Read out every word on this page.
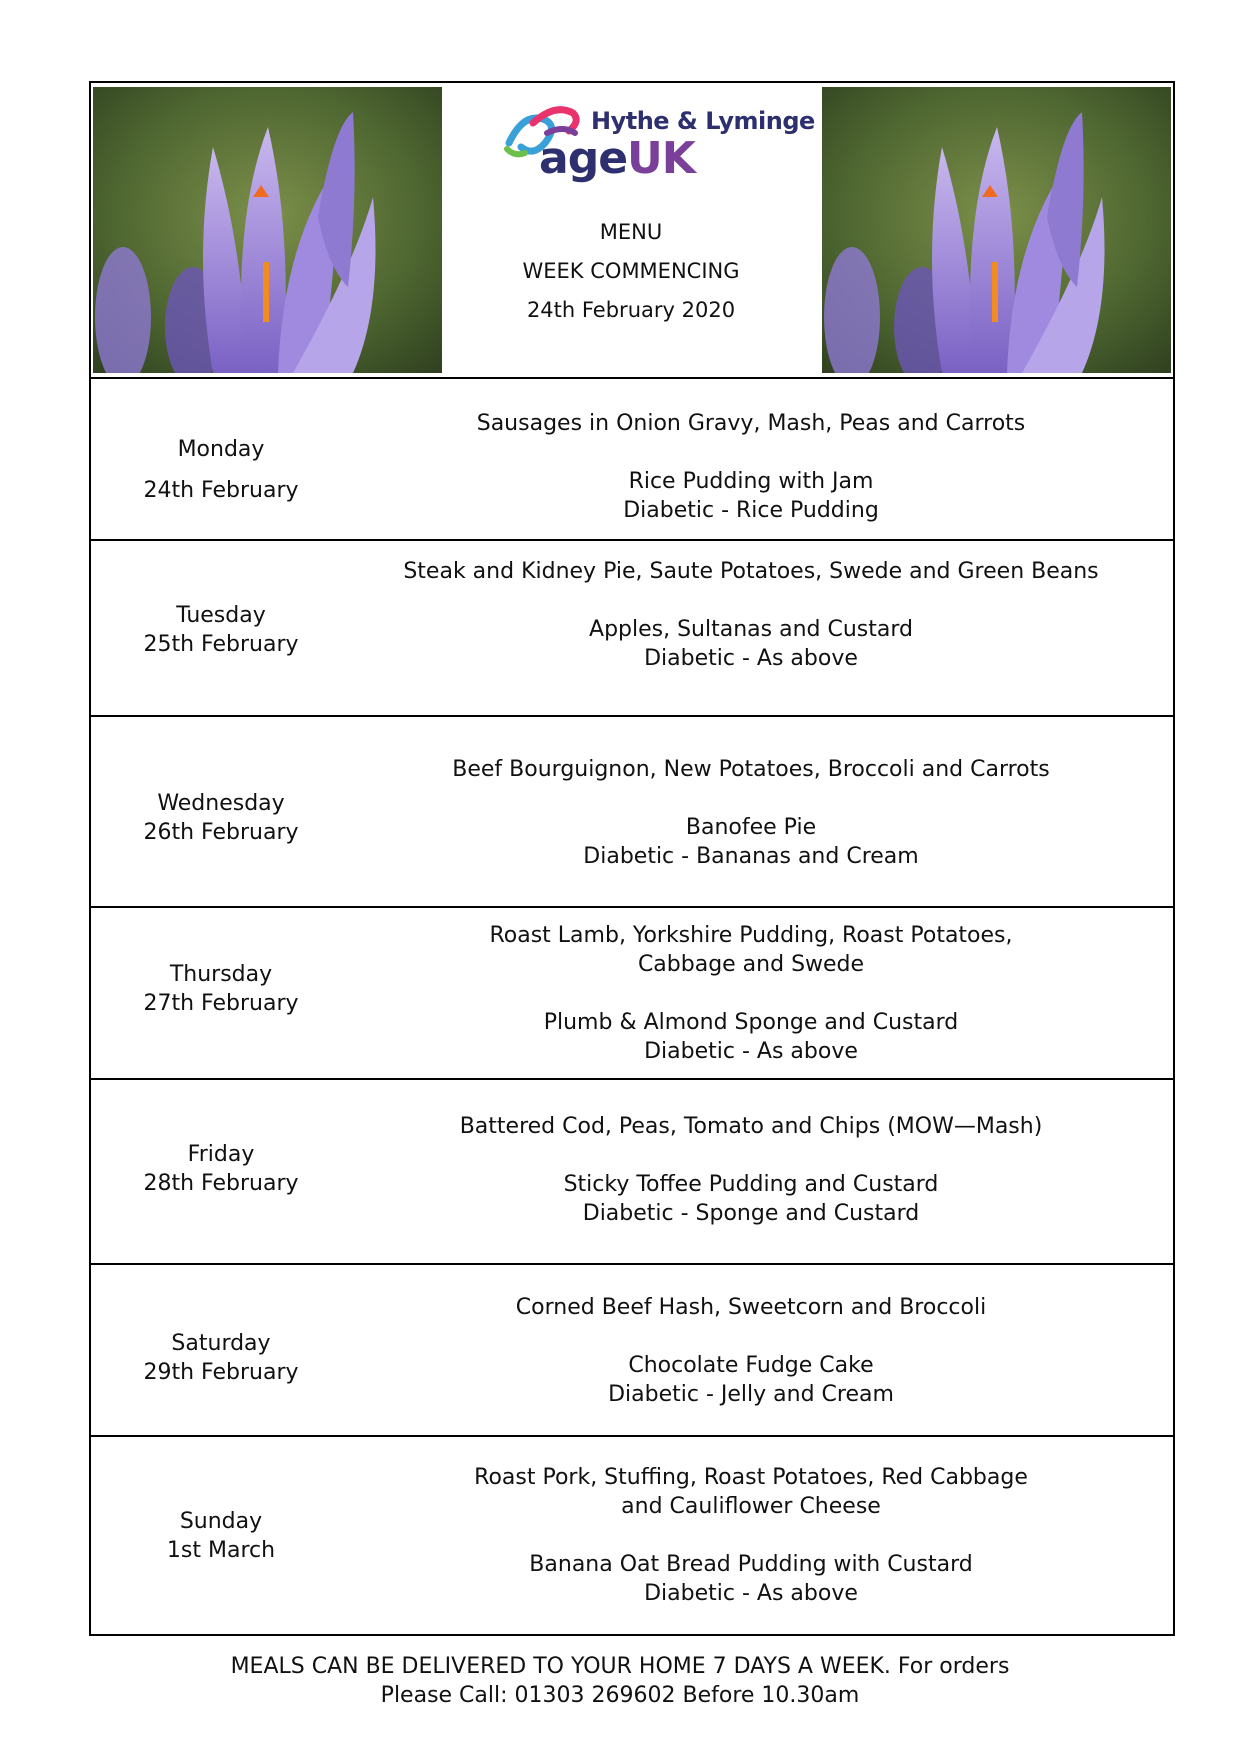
Hythe & Lyminge
ageUK
MENU
WEEK COMMENCING
24th February 2020
Monday
24th February
Sausages in Onion Gravy, Mash, Peas and Carrots
Rice Pudding with Jam
Diabetic - Rice Pudding
Tuesday
25th February
Steak and Kidney Pie, Saute Potatoes, Swede and Green Beans
Apples, Sultanas and Custard
Diabetic - As above
Wednesday
26th February
Beef Bourguignon, New Potatoes, Broccoli and Carrots
Banofee Pie
Diabetic - Bananas and Cream
Thursday
27th February
Roast Lamb, Yorkshire Pudding, Roast Potatoes,
Cabbage and Swede
Plumb & Almond Sponge and Custard
Diabetic - As above
Friday
28th February
Battered Cod, Peas, Tomato and Chips (MOW—Mash)
Sticky Toffee Pudding and Custard
Diabetic - Sponge and Custard
Saturday
29th February
Corned Beef Hash, Sweetcorn and Broccoli
Chocolate Fudge Cake
Diabetic - Jelly and Cream
Sunday
1st March
Roast Pork, Stuffing, Roast Potatoes, Red Cabbage
and Cauliflower Cheese
Banana Oat Bread Pudding with Custard
Diabetic - As above
MEALS CAN BE DELIVERED TO YOUR HOME 7 DAYS A WEEK. For orders
Please Call: 01303 269602 Before 10.30am
